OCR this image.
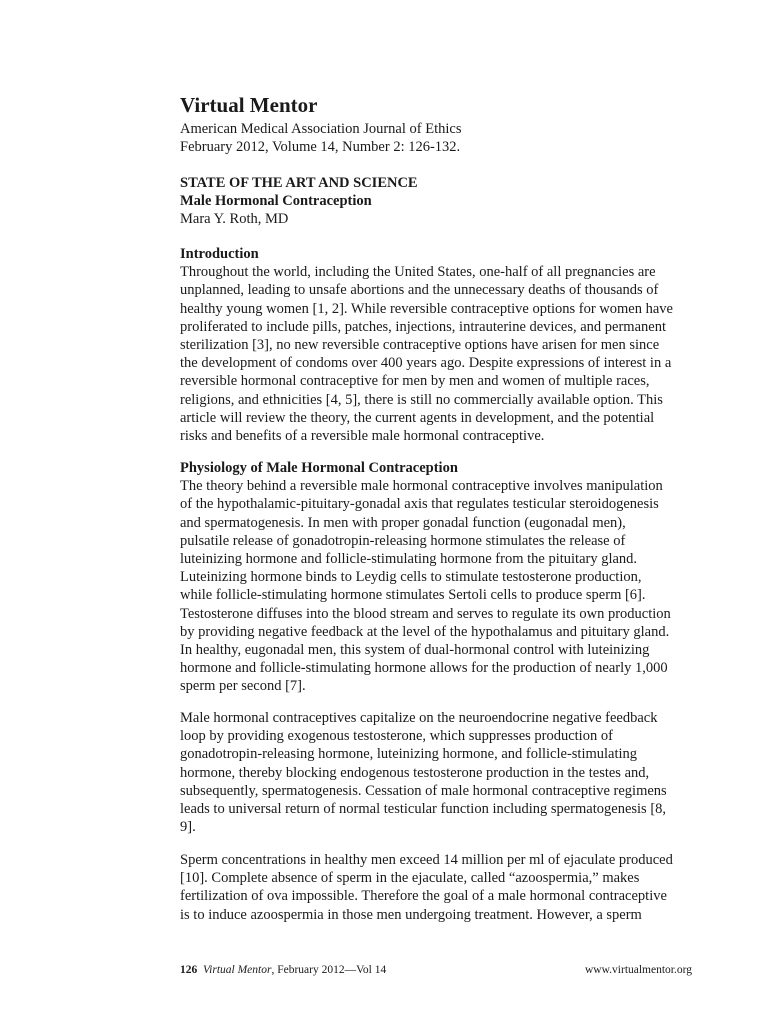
Virtual Mentor
American Medical Association Journal of Ethics
February 2012, Volume 14, Number 2: 126-132.
STATE OF THE ART AND SCIENCE
Male Hormonal Contraception
Mara Y. Roth, MD
Introduction
Throughout the world, including the United States, one-half of all pregnancies are
unplanned, leading to unsafe abortions and the unnecessary deaths of thousands of
healthy young women [1, 2]. While reversible contraceptive options for women have
proliferated to include pills, patches, injections, intrauterine devices, and permanent
sterilization [3], no new reversible contraceptive options have arisen for men since
the development of condoms over 400 years ago. Despite expressions of interest in a
reversible hormonal contraceptive for men by men and women of multiple races,
religions, and ethnicities [4, 5], there is still no commercially available option. This
article will review the theory, the current agents in development, and the potential
risks and benefits of a reversible male hormonal contraceptive.
Physiology of Male Hormonal Contraception
The theory behind a reversible male hormonal contraceptive involves manipulation
of the hypothalamic-pituitary-gonadal axis that regulates testicular steroidogenesis
and spermatogenesis. In men with proper gonadal function (eugonadal men),
pulsatile release of gonadotropin-releasing hormone stimulates the release of
luteinizing hormone and follicle-stimulating hormone from the pituitary gland.
Luteinizing hormone binds to Leydig cells to stimulate testosterone production,
while follicle-stimulating hormone stimulates Sertoli cells to produce sperm [6].
Testosterone diffuses into the blood stream and serves to regulate its own production
by providing negative feedback at the level of the hypothalamus and pituitary gland.
In healthy, eugonadal men, this system of dual-hormonal control with luteinizing
hormone and follicle-stimulating hormone allows for the production of nearly 1,000
sperm per second [7].
Male hormonal contraceptives capitalize on the neuroendocrine negative feedback
loop by providing exogenous testosterone, which suppresses production of
gonadotropin-releasing hormone, luteinizing hormone, and follicle-stimulating
hormone, thereby blocking endogenous testosterone production in the testes and,
subsequently, spermatogenesis. Cessation of male hormonal contraceptive regimens
leads to universal return of normal testicular function including spermatogenesis [8,
9].
Sperm concentrations in healthy men exceed 14 million per ml of ejaculate produced
[10]. Complete absence of sperm in the ejaculate, called “azoospermia,” makes
fertilization of ova impossible. Therefore the goal of a male hormonal contraceptive
is to induce azoospermia in those men undergoing treatment. However, a sperm
126 Virtual Mentor, February 2012—Vol 14	www.virtualmentor.org
